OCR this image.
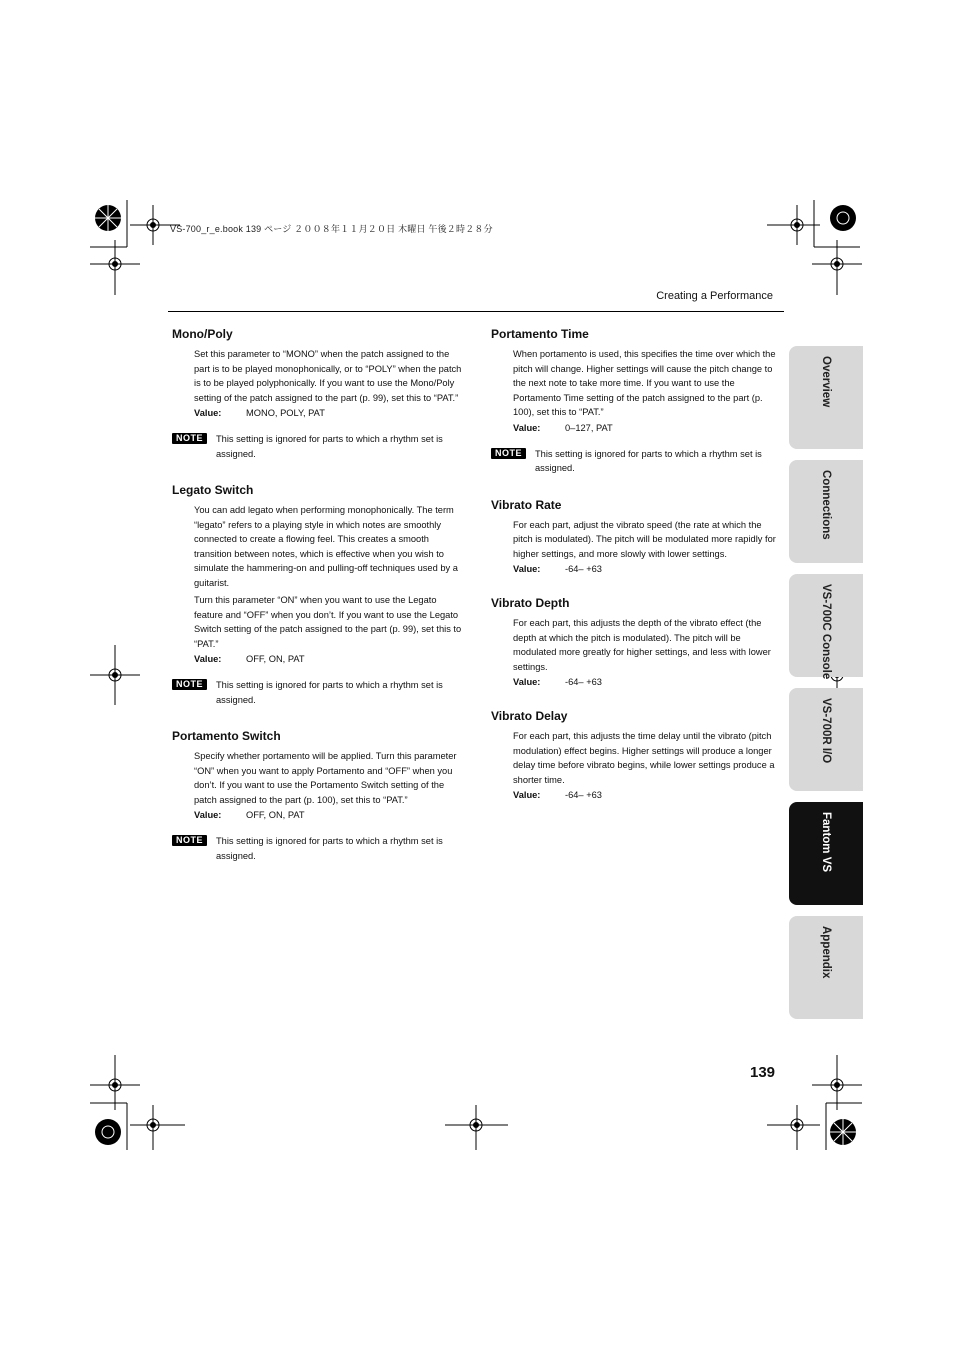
VS-700_r_e.book 139 ページ ２００８年１１月２０日 木曜日 午後２時２８分
Creating a Performance
Mono/Poly
Set this parameter to “MONO” when the patch assigned to the part is to be played monophonically, or to “POLY” when the patch is to be played polyphonically. If you want to use the Mono/Poly setting of the patch assigned to the part (p. 99), set this to “PAT.”
Value:	MONO, POLY, PAT
NOTE	This setting is ignored for parts to which a rhythm set is assigned.
Legato Switch
You can add legato when performing monophonically. The term “legato” refers to a playing style in which notes are smoothly connected to create a flowing feel. This creates a smooth transition between notes, which is effective when you wish to simulate the hammering-on and pulling-off techniques used by a guitarist.
Turn this parameter “ON” when you want to use the Legato feature and “OFF” when you don’t. If you want to use the Legato Switch setting of the patch assigned to the part (p. 99), set this to “PAT.”
Value:	OFF, ON, PAT
NOTE	This setting is ignored for parts to which a rhythm set is assigned.
Portamento Switch
Specify whether portamento will be applied. Turn this parameter “ON” when you want to apply Portamento and “OFF” when you don’t. If you want to use the Portamento Switch setting of the patch assigned to the part (p. 100), set this to “PAT.”
Value:	OFF, ON, PAT
NOTE	This setting is ignored for parts to which a rhythm set is assigned.
Portamento Time
When portamento is used, this specifies the time over which the pitch will change. Higher settings will cause the pitch change to the next note to take more time. If you want to use the Portamento Time setting of the patch assigned to the part (p. 100), set this to “PAT.”
Value:	0–127, PAT
NOTE	This setting is ignored for parts to which a rhythm set is assigned.
Vibrato Rate
For each part, adjust the vibrato speed (the rate at which the pitch is modulated). The pitch will be modulated more rapidly for higher settings, and more slowly with lower settings.
Value:	-64– +63
Vibrato Depth
For each part, this adjusts the depth of the vibrato effect (the depth at which the pitch is modulated). The pitch will be modulated more greatly for higher settings, and less with lower settings.
Value:	-64– +63
Vibrato Delay
For each part, this adjusts the time delay until the vibrato (pitch modulation) effect begins. Higher settings will produce a longer delay time before vibrato begins, while lower settings produce a shorter time.
Value:	-64– +63
Overview
Connections
VS-700C Console
VS-700R I/O
Fantom VS
Appendix
139
